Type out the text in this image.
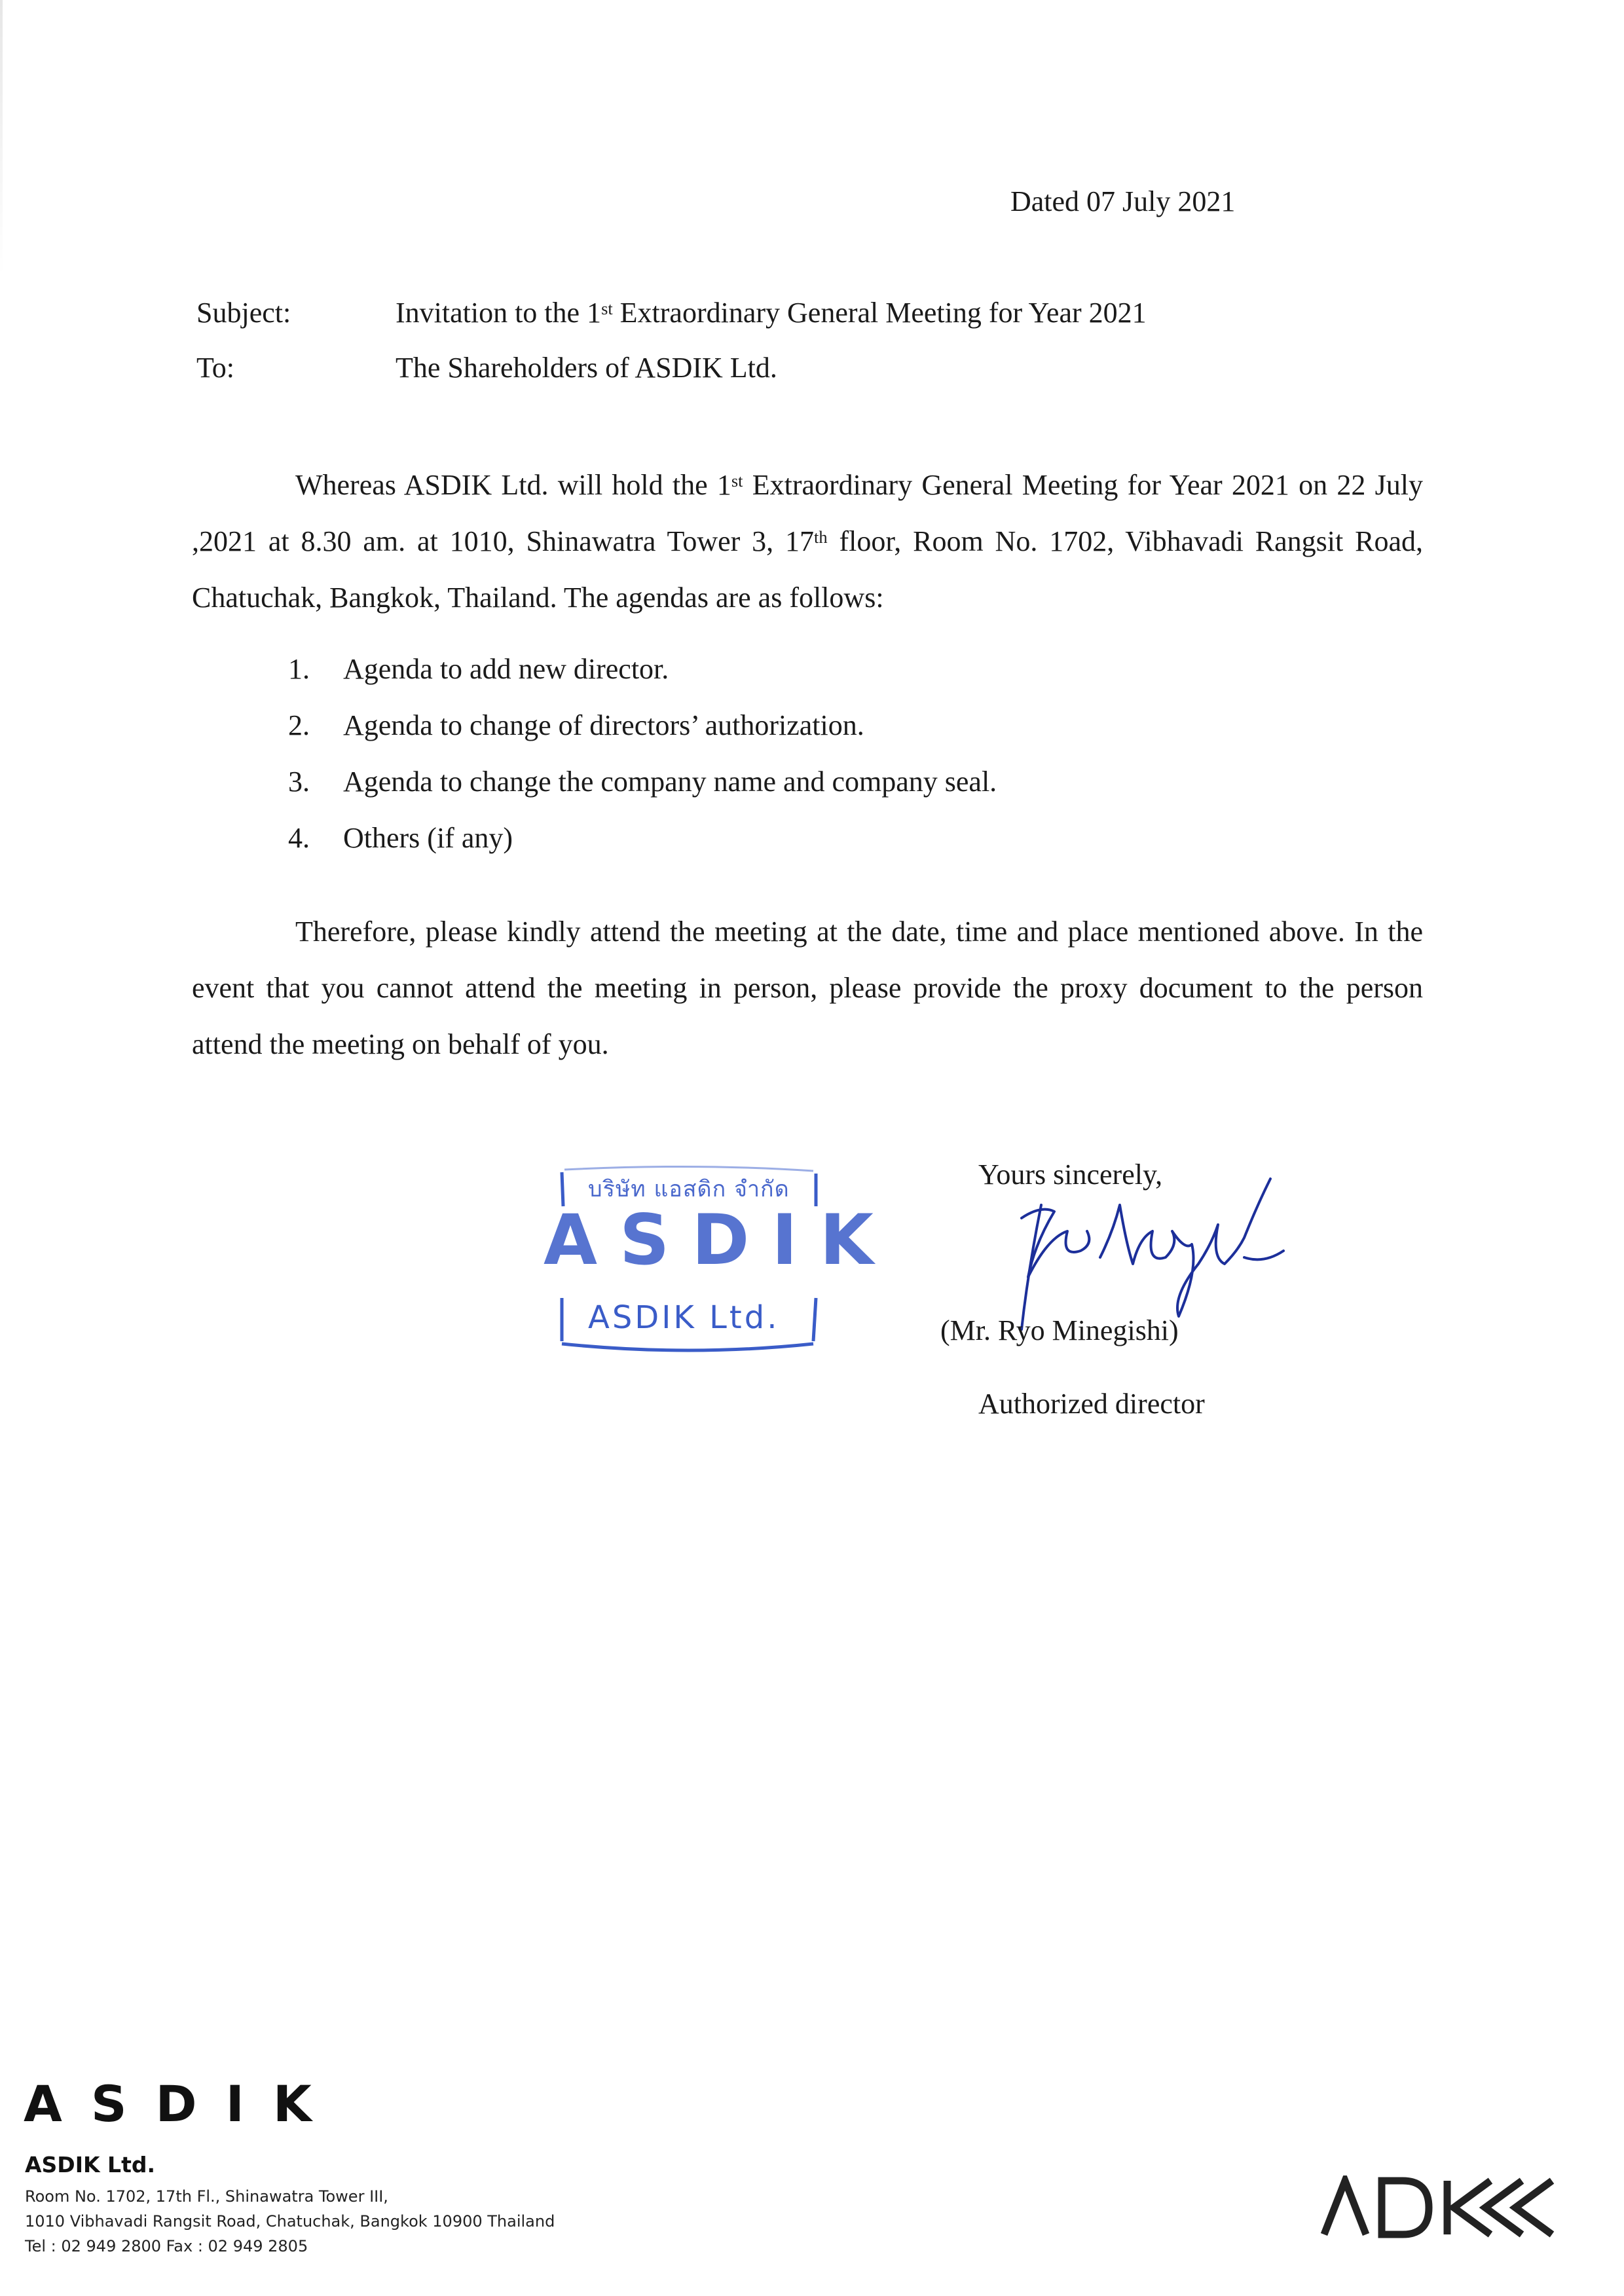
Dated 07 July 2021
Subject:	Invitation to the 1st Extraordinary General Meeting for Year 2021
To:	The Shareholders of ASDIK Ltd.

Whereas ASDIK Ltd. will hold the 1st Extraordinary General Meeting for Year 2021 on 22 July ,2021 at 8.30 am. at 1010, Shinawatra Tower 3, 17th floor, Room No. 1702, Vibhavadi Rangsit Road, Chatuchak, Bangkok, Thailand. The agendas are as follows:

1.	Agenda to add new director.
2.	Agenda to change of directors’ authorization.
3.	Agenda to change the company name and company seal.
4.	Others (if any)

Therefore, please kindly attend the meeting at the date, time and place mentioned above. In the event that you cannot attend the meeting in person, please provide the proxy document to the person attend the meeting on behalf of you.

บริษัท แอสดิก จำกัด
ASDIK
ASDIK Ltd.
Yours sincerely,
(Mr. Ryo Minegishi)
Authorized director
ASDIK
ASDIK Ltd.
Room No. 1702, 17th Fl., Shinawatra Tower III,
1010 Vibhavadi Rangsit Road, Chatuchak, Bangkok 10900 Thailand
Tel : 02 949 2800 Fax : 02 949 2805
